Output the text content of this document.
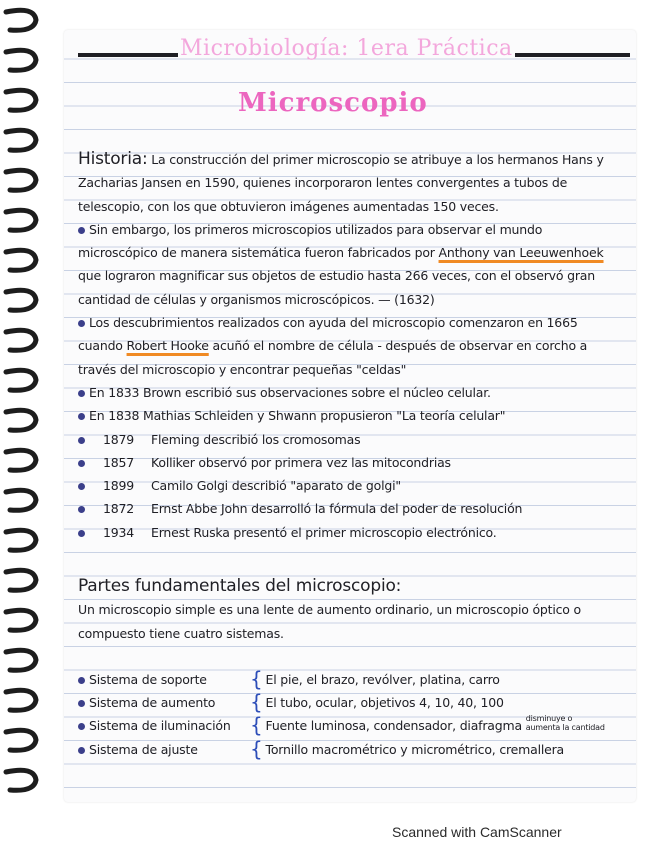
Microbiología: 1era Práctica
Microscopio

Historia: La construcción del primer microscopio se atribuye a los hermanos Hans y Zacharias Jansen en 1590, quienes incorporaron lentes convergentes a tubos de telescopio, con los que obtuvieron imágenes aumentadas 150 veces.

Sin embargo, los primeros microscopios utilizados para observar el mundo microscópico de manera sistemática fueron fabricados por Anthony van Leeuwenhoek que lograron magnificar sus objetos de estudio hasta 266 veces, con el observó gran cantidad de células y organismos microscópicos. — (1632)

Los descubrimientos realizados con ayuda del microscopio comenzaron en 1665 cuando Robert Hooke acuñó el nombre de célula - después de observar en corcho a través del microscopio y encontrar pequeñas "celdas"

En 1833 Brown escribió sus observaciones sobre el núcleo celular.

En 1838 Mathias Schleiden y Shwann propusieron "La teoría celular"

1879 Fleming describió los cromosomas

1857 Kolliker observó por primera vez las mitocondrias

1899 Camilo Golgi describió "aparato de golgi"

1872 Ernst Abbe John desarrolló la fórmula del poder de resolución

1934 Ernest Ruska presentó el primer microscopio electrónico.

Partes fundamentales del microscopio:

Un microscopio simple es una lente de aumento ordinario, un microscopio óptico o compuesto tiene cuatro sistemas.

Sistema de soporte { El pie, el brazo, revólver, platina, carro

Sistema de aumento { El tubo, ocular, objetivos 4, 10, 40, 100

Sistema de iluminación { Fuente luminosa, condensador, diafragma disminuye o aumenta la cantidad

Sistema de ajuste	{ Tornillo macrométrico y micrométrico, cremallera

Scanned with CamScanner
